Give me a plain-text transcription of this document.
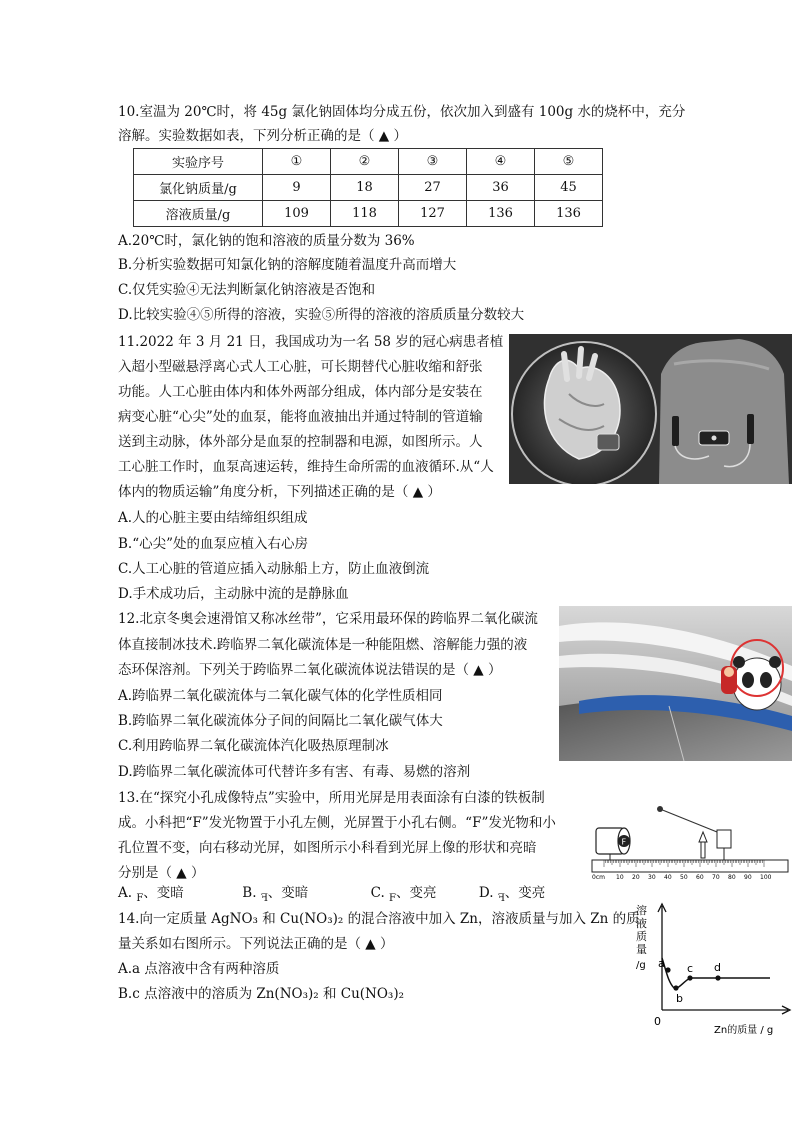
10.室温为 20℃时，将 45g 氯化钠固体均分成五份，依次加入到盛有 100g 水的烧杯中，充分
溶解。实验数据如表，下列分析正确的是（ ▲ ）
实验序号	①	②	③	④	⑤
氯化钠质量/g	9	18	27	36	45
溶液质量/g	109	118	127	136	136
A.20℃时，氯化钠的饱和溶液的质量分数为 36%
B.分析实验数据可知氯化钠的溶解度随着温度升高而增大
C.仅凭实验④无法判断氯化钠溶液是否饱和
D.比较实验④⑤所得的溶液，实验⑤所得的溶液的溶质质量分数较大
11.2022 年 3 月 21 日，我国成功为一名 58 岁的冠心病患者植
入超小型磁悬浮离心式人工心脏，可长期替代心脏收缩和舒张
功能。人工心脏由体内和体外两部分组成，体内部分是安装在
病变心脏“心尖”处的血泵，能将血液抽出并通过特制的管道输
送到主动脉，体外部分是血泵的控制器和电源，如图所示。人
工心脏工作时，血泵高速运转，维持生命所需的血液循环.从“人
体内的物质运输”角度分析，下列描述正确的是（ ▲ ）
A.人的心脏主要由结缔组织组成
B.“心尖”处的血泵应植入右心房
C.人工心脏的管道应插入动脉船上方，防止血液倒流
D.手术成功后，主动脉中流的是静脉血
12.北京冬奥会速滑馆又称冰丝带”，它采用最环保的跨临界二氧化碳流
体直接制冰技术.跨临界二氧化碳流体是一种能阻燃、溶解能力强的液
态环保溶剂。下列关于跨临界二氧化碳流体说法错误的是（ ▲ ）
A.跨临界二氧化碳流体与二氧化碳气体的化学性质相同
B.跨临界二氧化碳流体分子间的间隔比二氧化碳气体大
C.利用跨临界二氧化碳流体汽化吸热原理制冰
D.跨临界二氧化碳流体可代替许多有害、有毒、易燃的溶剂
13.在“探究小孔成像特点”实验中，所用光屏是用表面涂有白漆的铁板制
成。小科把“F”发光物置于小孔左侧，光屏置于小孔右侧。“F”发光物和小
孔位置不变，向右移动光屏，如图所示小科看到光屏上像的形状和亮暗
分别是（ ▲ ）
A. F、变暗	B. F、变暗	C. F、变亮	D. F、变亮
F
0cm 10 20 30 40 50 60 70 80 90 100
14.向一定质量 AgNO₃ 和 Cu(NO₃)₂ 的混合溶液中加入 Zn，溶液质量与加入 Zn 的质
量关系如右图所示。下列说法正确的是（ ▲ ）
A.a 点溶液中含有两种溶质
B.c 点溶液中的溶质为 Zn(NO₃)₂ 和 Cu(NO₃)₂
溶
液
质
量
/g
0
Zn的质量 / g
a
b
c d
